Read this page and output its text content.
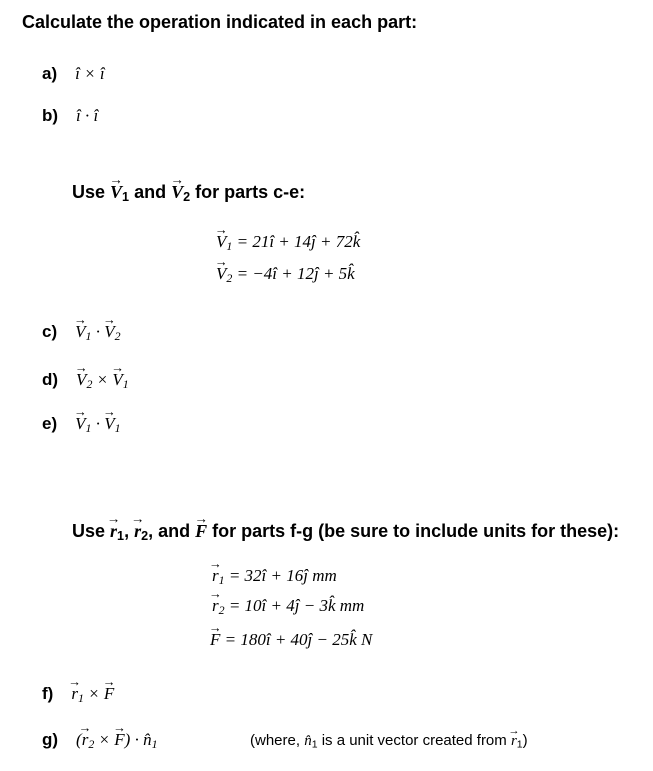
Calculate the operation indicated in each part:
a) î × î
b) î · î
Use → $V_1$ and → $V_2$ for parts c-e:
→ $V_1$ = 21î + 14ĵ + 72k̂
→ $V_2$ = −4î + 12ĵ + 5k̂
$c) \to V_1$ · → $V_2$
$d) \to V_2$ × → $V_1$
$e) \to V_1$ · → $V_1$
Use → $r_1$, → $r_2$, and → F for parts f-g (be sure to include units for these):
→ $r_1$ = 32î + 16ĵ mm
→ $r_2$ = 10î + 4ĵ − 3k̂ mm
→ F = 180î + 40ĵ − 25k̂ N
$f) \to r_1$ × → F
g) (→ $r_2$ × → $F) \cdot n̂_1$	(where, $n̂_1$ is a unit vector created from → $r_1$)
